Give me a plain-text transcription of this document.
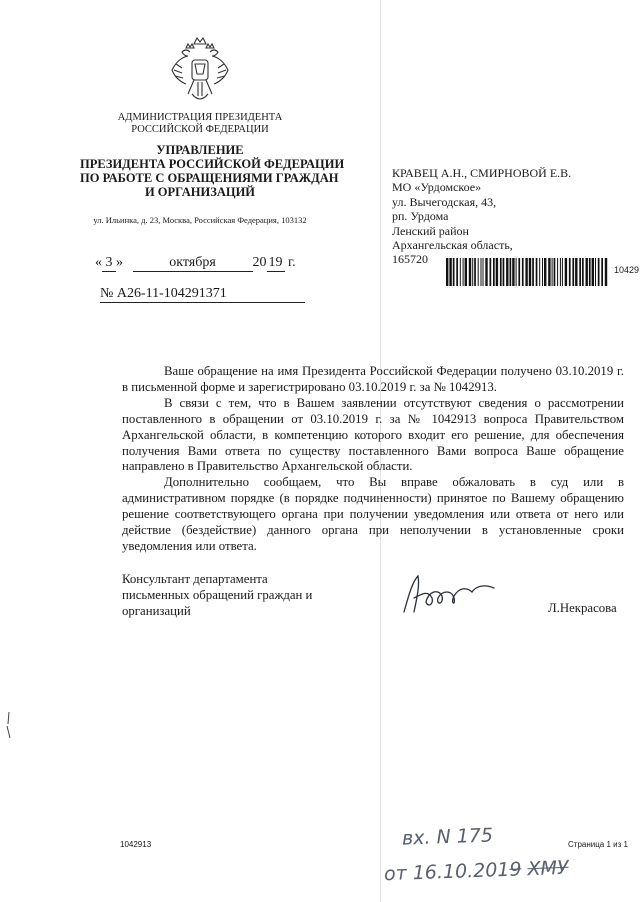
АДМИНИСТРАЦИЯ ПРЕЗИДЕНТА
РОССИЙСКОЙ ФЕДЕРАЦИИ
УПРАВЛЕНИЕ
ПРЕЗИДЕНТА РОССИЙСКОЙ ФЕДЕРАЦИИ
ПО РАБОТЕ С ОБРАЩЕНИЯМИ ГРАЖДАН
И ОРГАНИЗАЦИЙ
ул. Ильинка, д. 23, Москва, Российская Федерация, 103132
« 3 »	октября	20 19 г.
№ А26-11-104291371
КРАВЕЦ А.Н., СМИРНОВОЙ Е.В.
МО «Урдомское»
ул. Вычегодская, 43,
рп. Урдома
Ленский район
Архангельская область,
165720
10429

Ваше обращение на имя Президента Российской Федерации получено 03.10.2019 г. в письменной форме и зарегистрировано 03.10.2019 г. за № 1042913.

В связи с тем, что в Вашем заявлении отсутствуют сведения о рассмотрении поставленного в обращении от 03.10.2019 г. за № 1042913 вопроса Правительством Архангельской области, в компетенцию которого входит его решение, для обеспечения получения Вами ответа по существу поставленного Вами вопроса Ваше обращение направлено в Правительство Архангельской области.

Дополнительно сообщаем, что Вы вправе обжаловать в суд или в административном порядке (в порядке подчиненности) принятое по Вашему обращению решение соответствующего органа при получении уведомления или ответа от него или действие (бездействие) данного органа при неполучении в установленные сроки уведомления или ответа.

Консультант департамента
письменных обращений граждан и
организаций	Л.Некрасова
1042913	Страница 1 из 1
вх. N 175
от 16.10.2019 ХМУ
